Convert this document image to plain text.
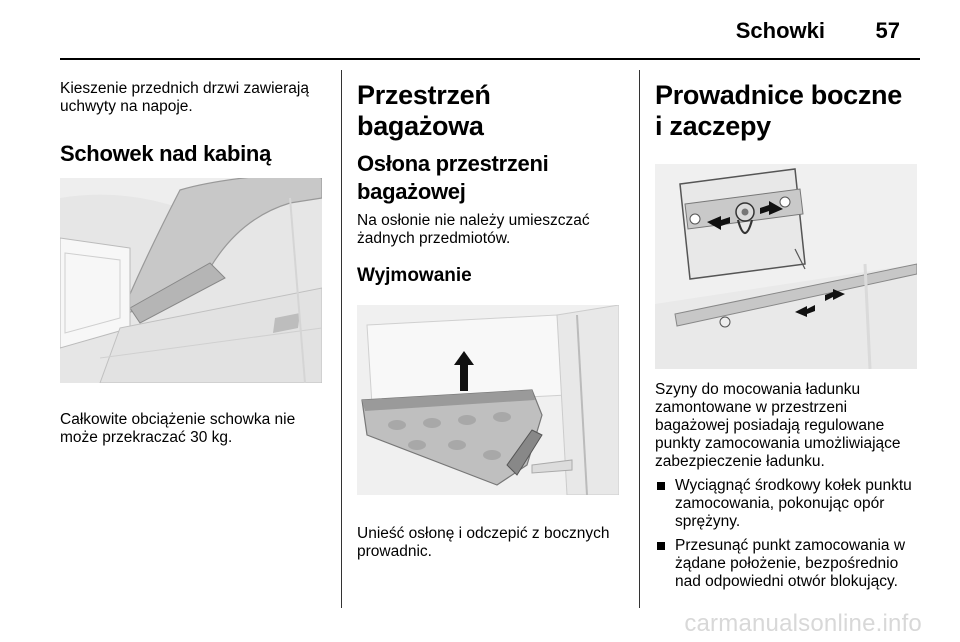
Schowki 57

Kieszenie przednich drzwi zawierają uchwyty na napoje.

Schowek nad kabiną

Całkowite obciążenie schowka nie może przekraczać 30 kg.

Przestrzeń bagażowa
Osłona przestrzeni bagażowej

Na osłonie nie należy umieszczać żadnych przedmiotów.

Wyjmowanie

Unieść osłonę i odczepić z bocznych prowadnic.

Prowadnice boczne
i zaczepy

Szyny do mocowania ładunku zamontowane w przestrzeni bagażowej posiadają regulowane punkty zamocowania umożliwiające zabezpieczenie ładunku.

Wyciągnąć środkowy kołek punktu zamocowania, pokonując opór sprężyny.
Przesunąć punkt zamocowania w żądane położenie, bezpośrednio nad odpowiedni otwór blokujący.
carmanualsonline.info
